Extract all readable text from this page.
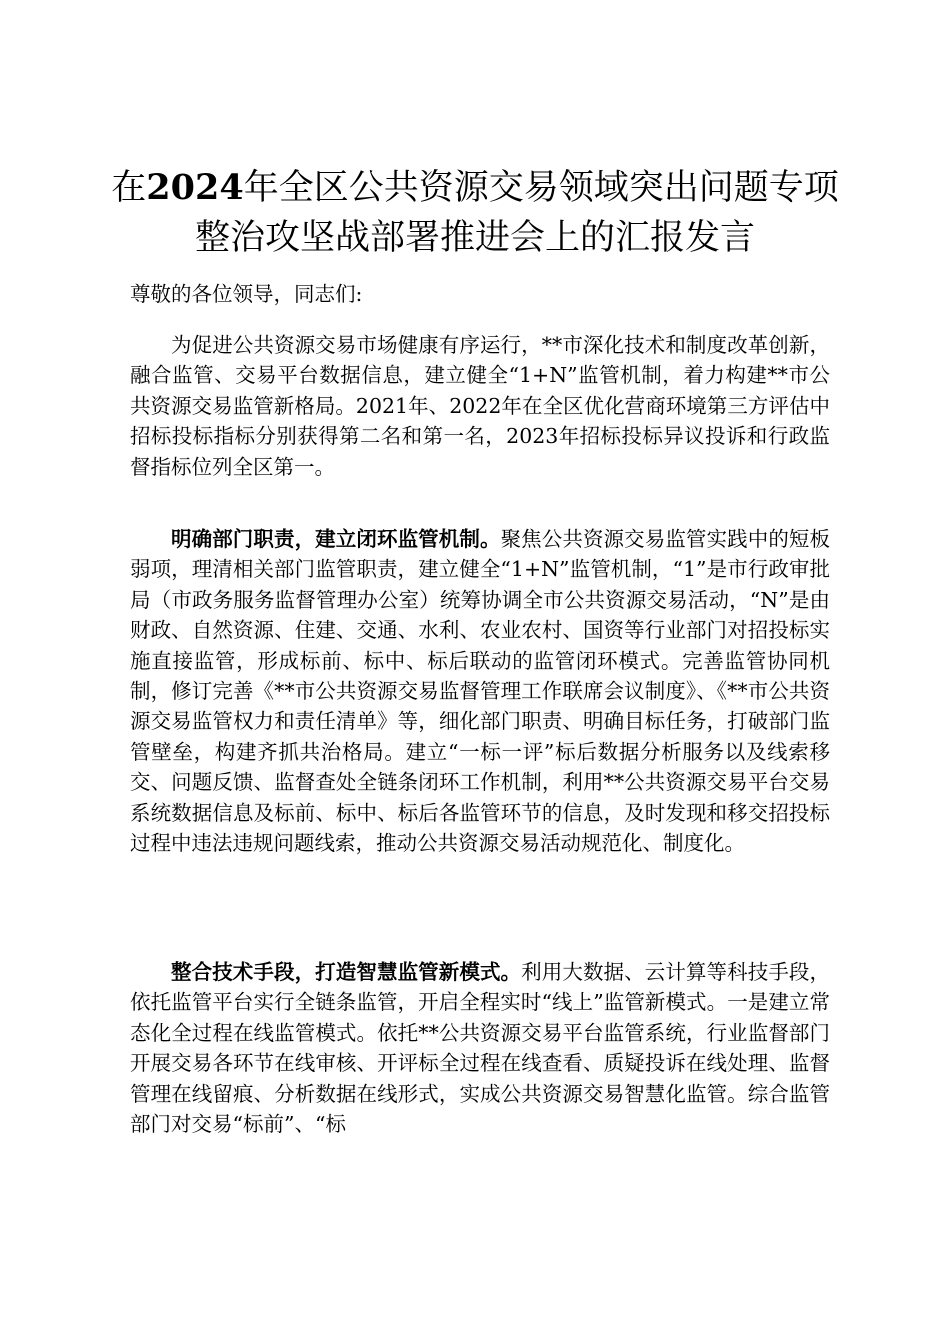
在2024年全区公共资源交易领域突出问题专项整治攻坚战部署推进会上的汇报发言
尊敬的各位领导，同志们:
为促进公共资源交易市场健康有序运行，**市深化技术和制度改革创新，融合监管、交易平台数据信息，建立健全“1+N”监管机制，着力构建**市公共资源交易监管新格局。2021年、2022年在全区优化营商环境第三方评估中招标投标指标分别获得第二名和第一名，2023年招标投标异议投诉和行政监督指标位列全区第一。
明确部门职责，建立闭环监管机制。聚焦公共资源交易监管实践中的短板弱项，理清相关部门监管职责，建立健全“1+N”监管机制，“1”是市行政审批局（市政务服务监督管理办公室）统筹协调全市公共资源交易活动，“N”是由财政、自然资源、住建、交通、水利、农业农村、国资等行业部门对招投标实施直接监管，形成标前、标中、标后联动的监管闭环模式。完善监管协同机制，修订完善《**市公共资源交易监督管理工作联席会议制度》、《**市公共资源交易监管权力和责任清单》等，细化部门职责、明确目标任务，打破部门监管壁垒，构建齐抓共治格局。建立“一标一评”标后数据分析服务以及线索移交、问题反馈、监督查处全链条闭环工作机制，利用**公共资源交易平台交易系统数据信息及标前、标中、标后各监管环节的信息，及时发现和移交招投标过程中违法违规问题线索，推动公共资源交易活动规范化、制度化。
整合技术手段，打造智慧监管新模式。利用大数据、云计算等科技手段，依托监管平台实行全链条监管，开启全程实时“线上”监管新模式。一是建立常态化全过程在线监管模式。依托**公共资源交易平台监管系统，行业监督部门开展交易各环节在线审核、开评标全过程在线查看、质疑投诉在线处理、监督管理在线留痕、分析数据在线形式，实成公共资源交易智慧化监管。综合监管部门对交易“标前”、“标
